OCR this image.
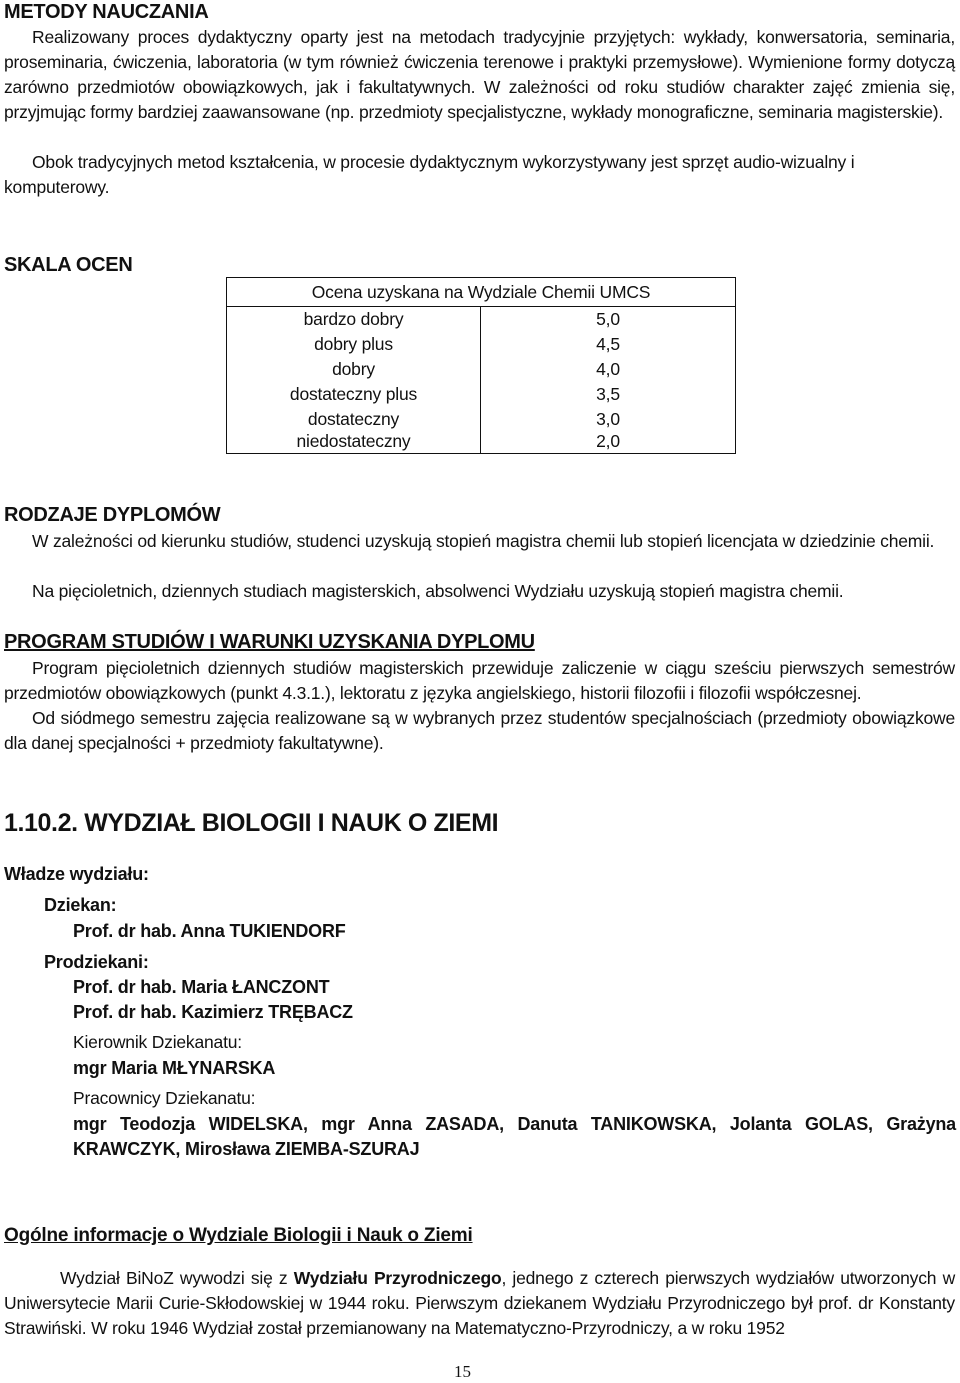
METODY NAUCZANIA

Realizowany proces dydaktyczny oparty jest na metodach tradycyjnie przyjętych: wykłady, konwersatoria, seminaria, proseminaria, ćwiczenia, laboratoria (w tym również ćwiczenia terenowe i praktyki przemysłowe). Wymienione formy dotyczą zarówno przedmiotów obowiązkowych, jak i fakultatywnych. W zależności od roku studiów charakter zajęć zmienia się, przyjmując formy bardziej zaawansowane (np. przedmioty specjalistyczne, wykłady monograficzne, seminaria magisterskie).

Obok tradycyjnych metod kształcenia, w procesie dydaktycznym wykorzystywany jest sprzęt audio-wizualny i komputerowy.

SKALA OCEN
Ocena uzyskana na Wydziale Chemii UMCS
bardzo dobry	5,0
dobry plus	4,5
dobry	4,0
dostateczny plus	3,5
dostateczny	3,0
niedostateczny	2,0
RODZAJE DYPLOMÓW

W zależności od kierunku studiów, studenci uzyskują stopień magistra chemii lub stopień licencjata w dziedzinie chemii.

Na pięcioletnich, dziennych studiach magisterskich, absolwenci Wydziału uzyskują stopień magistra chemii.

PROGRAM STUDIÓW I WARUNKI UZYSKANIA DYPLOMU

Program pięcioletnich dziennych studiów magisterskich przewiduje zaliczenie w ciągu sześciu pierwszych semestrów przedmiotów obowiązkowych (punkt 4.3.1.), lektoratu z języka angielskiego, historii filozofii i filozofii współczesnej.

Od siódmego semestru zajęcia realizowane są w wybranych przez studentów specjalnościach (przedmioty obowiązkowe dla danej specjalności + przedmioty fakultatywne).

1.10.2. WYDZIAŁ BIOLOGII I NAUK O ZIEMI

Władze wydziału:

Dziekan:

Prof. dr hab. Anna TUKIENDORF

Prodziekani:

Prof. dr hab. Maria ŁANCZONT

Prof. dr hab. Kazimierz TRĘBACZ

Kierownik Dziekanatu:

mgr Maria MŁYNARSKA

Pracownicy Dziekanatu:

mgr Teodozja WIDELSKA, mgr Anna ZASADA, Danuta TANIKOWSKA, Jolanta GOLAS, Grażyna KRAWCZYK, Mirosława ZIEMBA-SZURAJ

Ogólne informacje o Wydziale Biologii i Nauk o Ziemi

Wydział BiNoZ wywodzi się z Wydziału Przyrodniczego, jednego z czterech pierwszych wydziałów utworzonych w Uniwersytecie Marii Curie-Skłodowskiej w 1944 roku. Pierwszym dziekanem Wydziału Przyrodniczego był prof. dr Konstanty Strawiński. W roku 1946 Wydział został przemianowany na Matematyczno-Przyrodniczy, a w roku 1952

15
